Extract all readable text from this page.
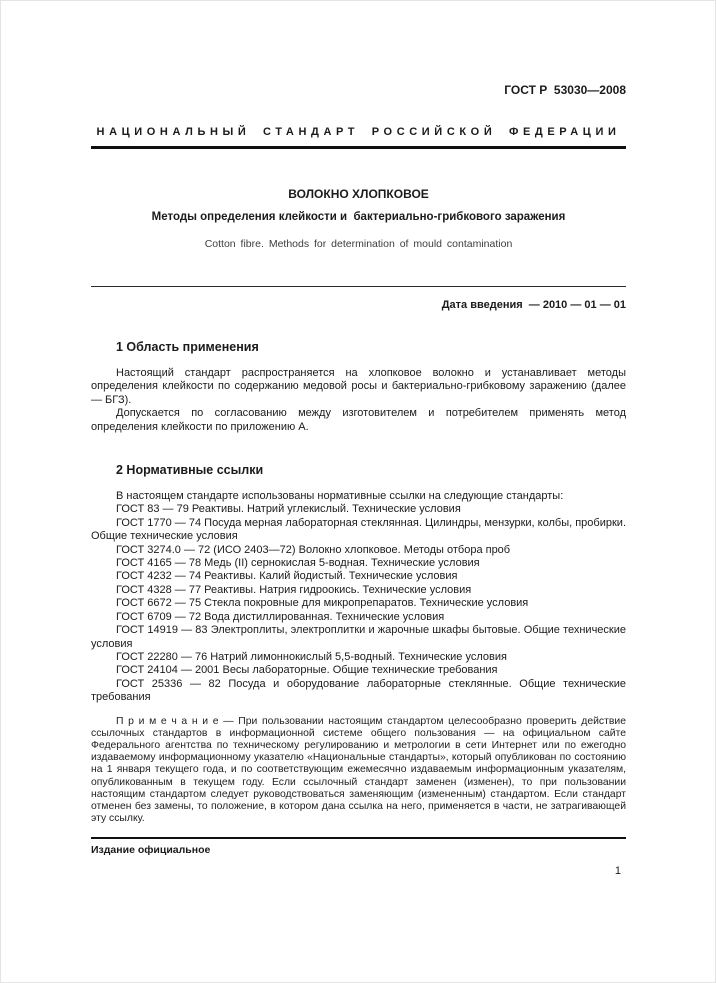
ГОСТ Р  53030—2008
НАЦИОНАЛЬНЫЙ СТАНДАРТ РОССИЙСКОЙ ФЕДЕРАЦИИ
ВОЛОКНО ХЛОПКОВОЕ
Методы определения клейкости и  бактериально-грибкового заражения
Cotton fibre. Methods for determination of mould contamination
Дата введения  — 2010 — 01 — 01
1 Область применения

Настоящий стандарт распространяется на хлопковое волокно и устанавливает методы определения клейкости по содержанию медовой росы и бактериально-грибковому заражению (далее — БГЗ).

Допускается по согласованию между изготовителем и потребителем применять метод определения клейкости по приложению А.

2 Нормативные ссылки

В настоящем стандарте использованы нормативные ссылки на следующие стандарты:

ГОСТ 83 — 79 Реактивы. Натрий углекислый. Технические условия

ГОСТ 1770 — 74 Посуда мерная лабораторная стеклянная. Цилиндры, мензурки, колбы, пробирки. Общие технические условия

ГОСТ 3274.0 — 72 (ИСО 2403—72) Волокно хлопковое. Методы отбора проб

ГОСТ 4165 — 78 Медь (II) сернокислая 5-водная. Технические условия

ГОСТ 4232 — 74 Реактивы. Калий йодистый. Технические условия

ГОСТ 4328 — 77 Реактивы. Натрия гидроокись. Технические условия

ГОСТ 6672 — 75 Стекла покровные для микропрепаратов. Технические условия

ГОСТ 6709 — 72 Вода дистиллированная. Технические условия

ГОСТ 14919 — 83 Электроплиты, электроплитки и жарочные шкафы бытовые. Общие технические условия

ГОСТ 22280 — 76 Натрий лимоннокислый 5,5-водный. Технические условия

ГОСТ 24104 — 2001 Весы лабораторные. Общие технические требования

ГОСТ 25336 — 82 Посуда и оборудование лабораторные стеклянные. Общие технические требования

П р и м е ч а н и е — При пользовании настоящим стандартом целесообразно проверить действие ссылочных стандартов в информационной системе общего пользования — на официальном сайте Федерального агентства по техническому регулированию и метрологии в сети Интернет или по ежегодно издаваемому информационному указателю «Национальные стандарты», который опубликован по состоянию на 1 января текущего года, и по соответствующим ежемесячно издаваемым информационным указателям, опубликованным в текущем году. Если ссылочный стандарт заменен (изменен), то при пользовании настоящим стандартом следует руководствоваться заменяющим (измененным) стандартом. Если стандарт отменен без замены, то положение, в котором дана ссылка на него, применяется в части, не затрагивающей эту ссылку.

Издание официальное
1
